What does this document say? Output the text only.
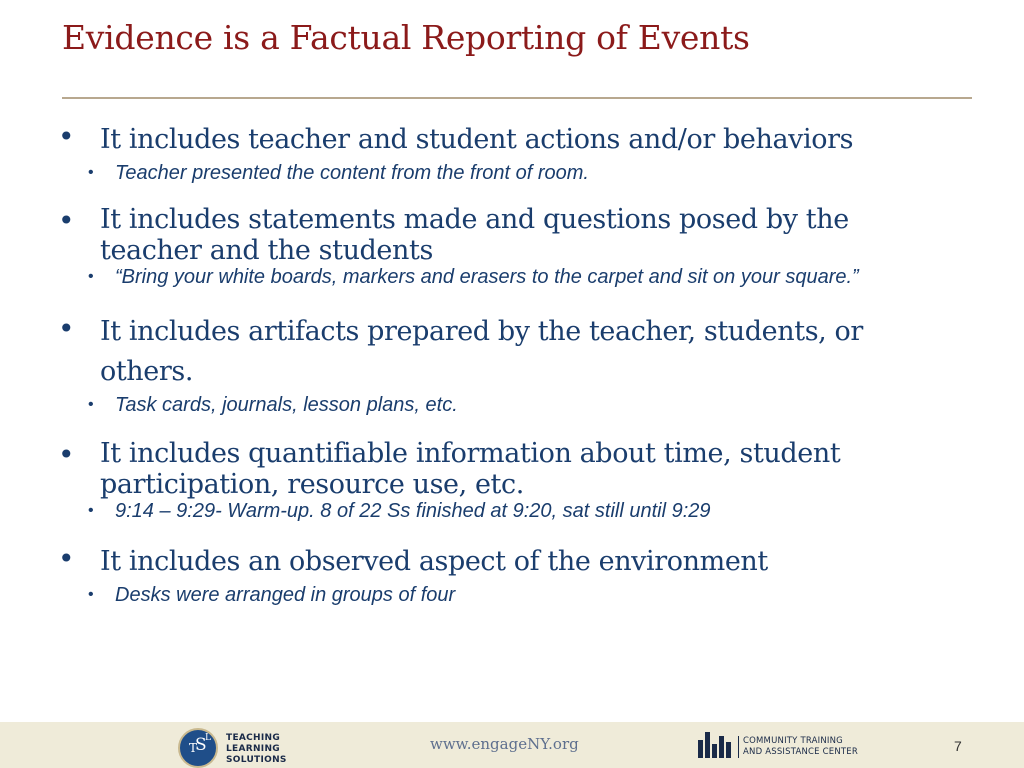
Evidence is a Factual Reporting of Events
• It includes teacher and student actions and/or behaviors
• Teacher presented the content from the front of room.
• It includes statements made and questions posed by the teacher and the students
• “Bring your white boards, markers and erasers to the carpet and sit on your square.”
• It includes artifacts prepared by the teacher, students, or others.
• Task cards, journals, lesson plans, etc.
• It includes quantifiable information about time, student participation, resource use, etc.
• 9:14 – 9:29- Warm-up. 8 of 22 Ss finished at 9:20, sat still until 9:29
• It includes an observed aspect of the environment
• Desks were arranged in groups of four
T
S
L TEACHING LEARNING SOLUTIONS
www.engageNY.org	COMMUNITY TRAINING AND ASSISTANCE CENTER	7
